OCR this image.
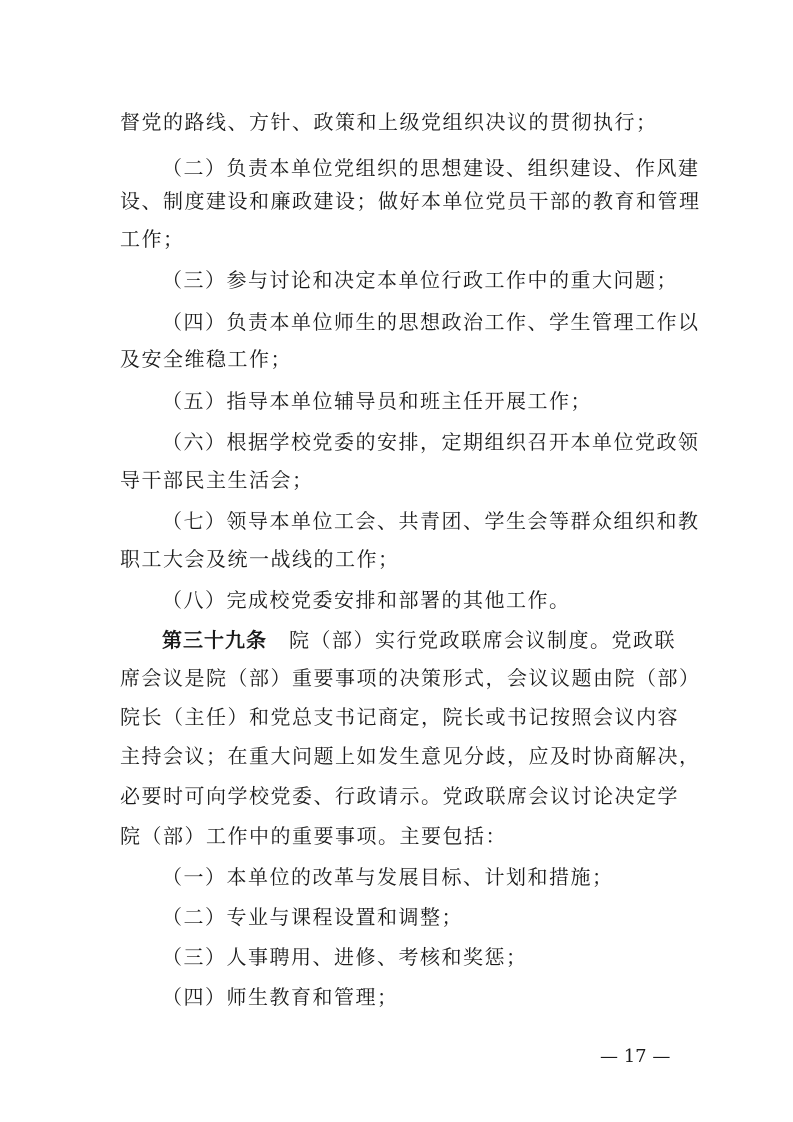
督党的路线、方针、政策和上级党组织决议的贯彻执行；
（二）负责本单位党组织的思想建设、组织建设、作风建
设、制度建设和廉政建设；做好本单位党员干部的教育和管理
工作；
（三）参与讨论和决定本单位行政工作中的重大问题；
（四）负责本单位师生的思想政治工作、学生管理工作以
及安全维稳工作；
（五）指导本单位辅导员和班主任开展工作；
（六）根据学校党委的安排，定期组织召开本单位党政领
导干部民主生活会；
（七）领导本单位工会、共青团、学生会等群众组织和教
职工大会及统一战线的工作；
（八）完成校党委安排和部署的其他工作。
第三十九条 院（部）实行党政联席会议制度。党政联
席会议是院（部）重要事项的决策形式，会议议题由院（部）
院长（主任）和党总支书记商定，院长或书记按照会议内容
主持会议；在重大问题上如发生意见分歧，应及时协商解决，
必要时可向学校党委、行政请示。党政联席会议讨论决定学
院（部）工作中的重要事项。主要包括：
（一）本单位的改革与发展目标、计划和措施；
（二）专业与课程设置和调整；
（三）人事聘用、进修、考核和奖惩；
（四）师生教育和管理；
— 17 —
